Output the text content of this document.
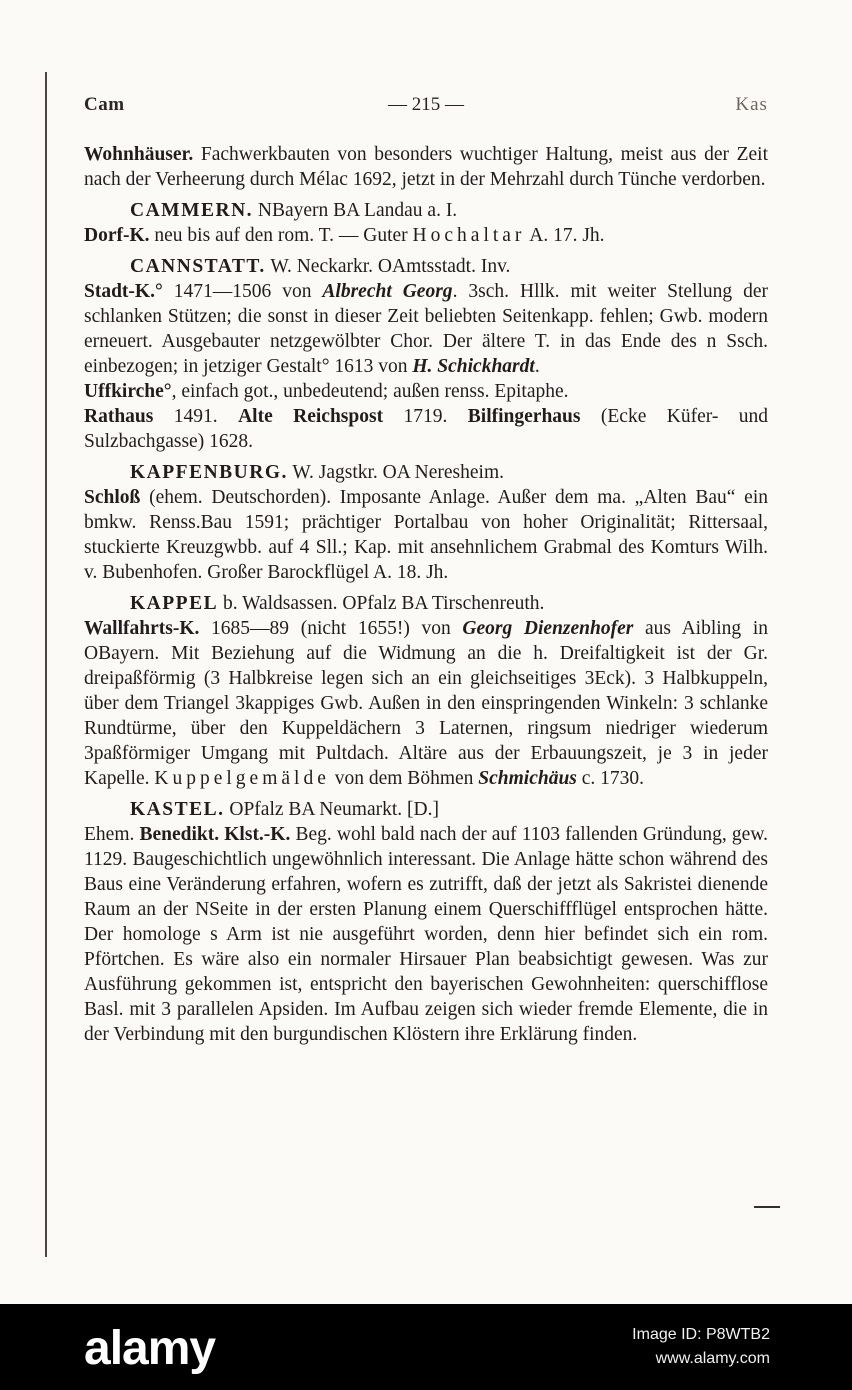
Cam	— 215 —	Kas

Wohnhäuser. Fachwerkbauten von besonders wuchtiger Haltung, meist aus der Zeit nach der Verheerung durch Mélac 1692, jetzt in der Mehrzahl durch Tünche verdorben.

CAMMERN. NBayern BA Landau a. I.

Dorf-K. neu bis auf den rom. T. — Guter Hochaltar A. 17. Jh.

CANNSTATT. W. Neckarkr. OAmtsstadt. Inv.

Stadt-K.° 1471—1506 von Albrecht Georg. 3sch. Hllk. mit weiter Stellung der schlanken Stützen; die sonst in dieser Zeit beliebten Seitenkapp. fehlen; Gwb. modern erneuert. Ausgebauter netzgewölbter Chor. Der ältere T. in das Ende des n Ssch. einbezogen; in jetziger Gestalt° 1613 von H. Schickhardt.

Uffkirche°, einfach got., unbedeutend; außen renss. Epitaphe.

Rathaus 1491. Alte Reichspost 1719. Bilfingerhaus (Ecke Küfer- und Sulzbachgasse) 1628.

KAPFENBURG. W. Jagstkr. OA Neresheim.

Schloß (ehem. Deutschorden). Imposante Anlage. Außer dem ma. „Alten Bau“ ein bmkw. Renss.Bau 1591; prächtiger Portalbau von hoher Originalität; Rittersaal, stuckierte Kreuzgwbb. auf 4 Sll.; Kap. mit ansehnlichem Grabmal des Komturs Wilh. v. Bubenhofen. Großer Barockflügel A. 18. Jh.

KAPPEL b. Waldsassen. OPfalz BA Tirschenreuth.

Wallfahrts-K. 1685—89 (nicht 1655!) von Georg Dienzenhofer aus Aibling in OBayern. Mit Beziehung auf die Widmung an die h. Dreifaltigkeit ist der Gr. dreipaßförmig (3 Halbkreise legen sich an ein gleichseitiges 3Eck). 3 Halbkuppeln, über dem Triangel 3kappiges Gwb. Außen in den einspringenden Winkeln: 3 schlanke Rundtürme, über den Kuppeldächern 3 Laternen, ringsum niedriger wiederum 3paßförmiger Umgang mit Pultdach. Altäre aus der Erbauungszeit, je 3 in jeder Kapelle. Kuppelgemälde von dem Böhmen Schmichäus c. 1730.

KASTEL. OPfalz BA Neumarkt. [D.]

Ehem. Benedikt. Klst.-K. Beg. wohl bald nach der auf 1103 fallenden Gründung, gew. 1129. Baugeschichtlich ungewöhnlich interessant. Die Anlage hätte schon während des Baus eine Veränderung erfahren, wofern es zutrifft, daß der jetzt als Sakristei dienende Raum an der NSeite in der ersten Planung einem Querschiffflügel entsprochen hätte. Der homologe s Arm ist nie ausgeführt worden, denn hier befindet sich ein rom. Pförtchen. Es wäre also ein normaler Hirsauer Plan beabsichtigt gewesen. Was zur Ausführung gekommen ist, entspricht den bayerischen Gewohnheiten: querschifflose Basl. mit 3 parallelen Apsiden. Im Aufbau zeigen sich wieder fremde Elemente, die in der Verbindung mit den burgundischen Klöstern ihre Erklärung finden.

alamy	Image ID: P8WTB2
www.alamy.com
